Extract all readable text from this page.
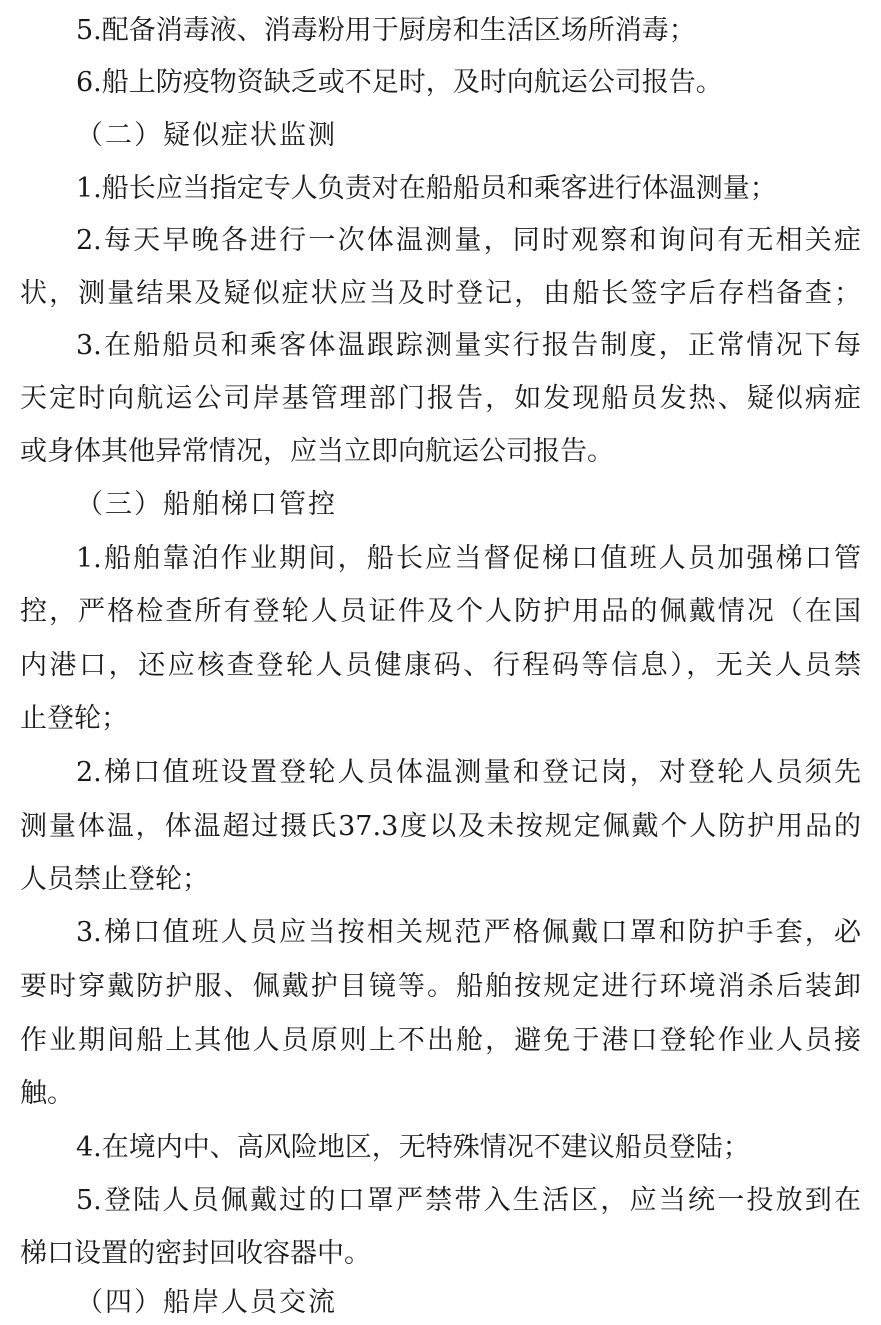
5.配备消毒液、消毒粉用于厨房和生活区场所消毒；
6.船上防疫物资缺乏或不足时，及时向航运公司报告。
（二）疑似症状监测
1.船长应当指定专人负责对在船船员和乘客进行体温测量；
2.每天早晚各进行一次体温测量，同时观察和询问有无相关症
状，测量结果及疑似症状应当及时登记，由船长签字后存档备查；
3.在船船员和乘客体温跟踪测量实行报告制度，正常情况下每
天定时向航运公司岸基管理部门报告，如发现船员发热、疑似病症
或身体其他异常情况，应当立即向航运公司报告。
（三）船舶梯口管控
1.船舶靠泊作业期间，船长应当督促梯口值班人员加强梯口管
控，严格检查所有登轮人员证件及个人防护用品的佩戴情况（在国
内港口，还应核查登轮人员健康码、行程码等信息），无关人员禁
止登轮；
2.梯口值班设置登轮人员体温测量和登记岗，对登轮人员须先
测量体温，体温超过摄氏37.3度以及未按规定佩戴个人防护用品的
人员禁止登轮；
3.梯口值班人员应当按相关规范严格佩戴口罩和防护手套，必
要时穿戴防护服、佩戴护目镜等。船舶按规定进行环境消杀后装卸
作业期间船上其他人员原则上不出舱，避免于港口登轮作业人员接
触。
4.在境内中、高风险地区，无特殊情况不建议船员登陆；
5.登陆人员佩戴过的口罩严禁带入生活区，应当统一投放到在
梯口设置的密封回收容器中。
（四）船岸人员交流
